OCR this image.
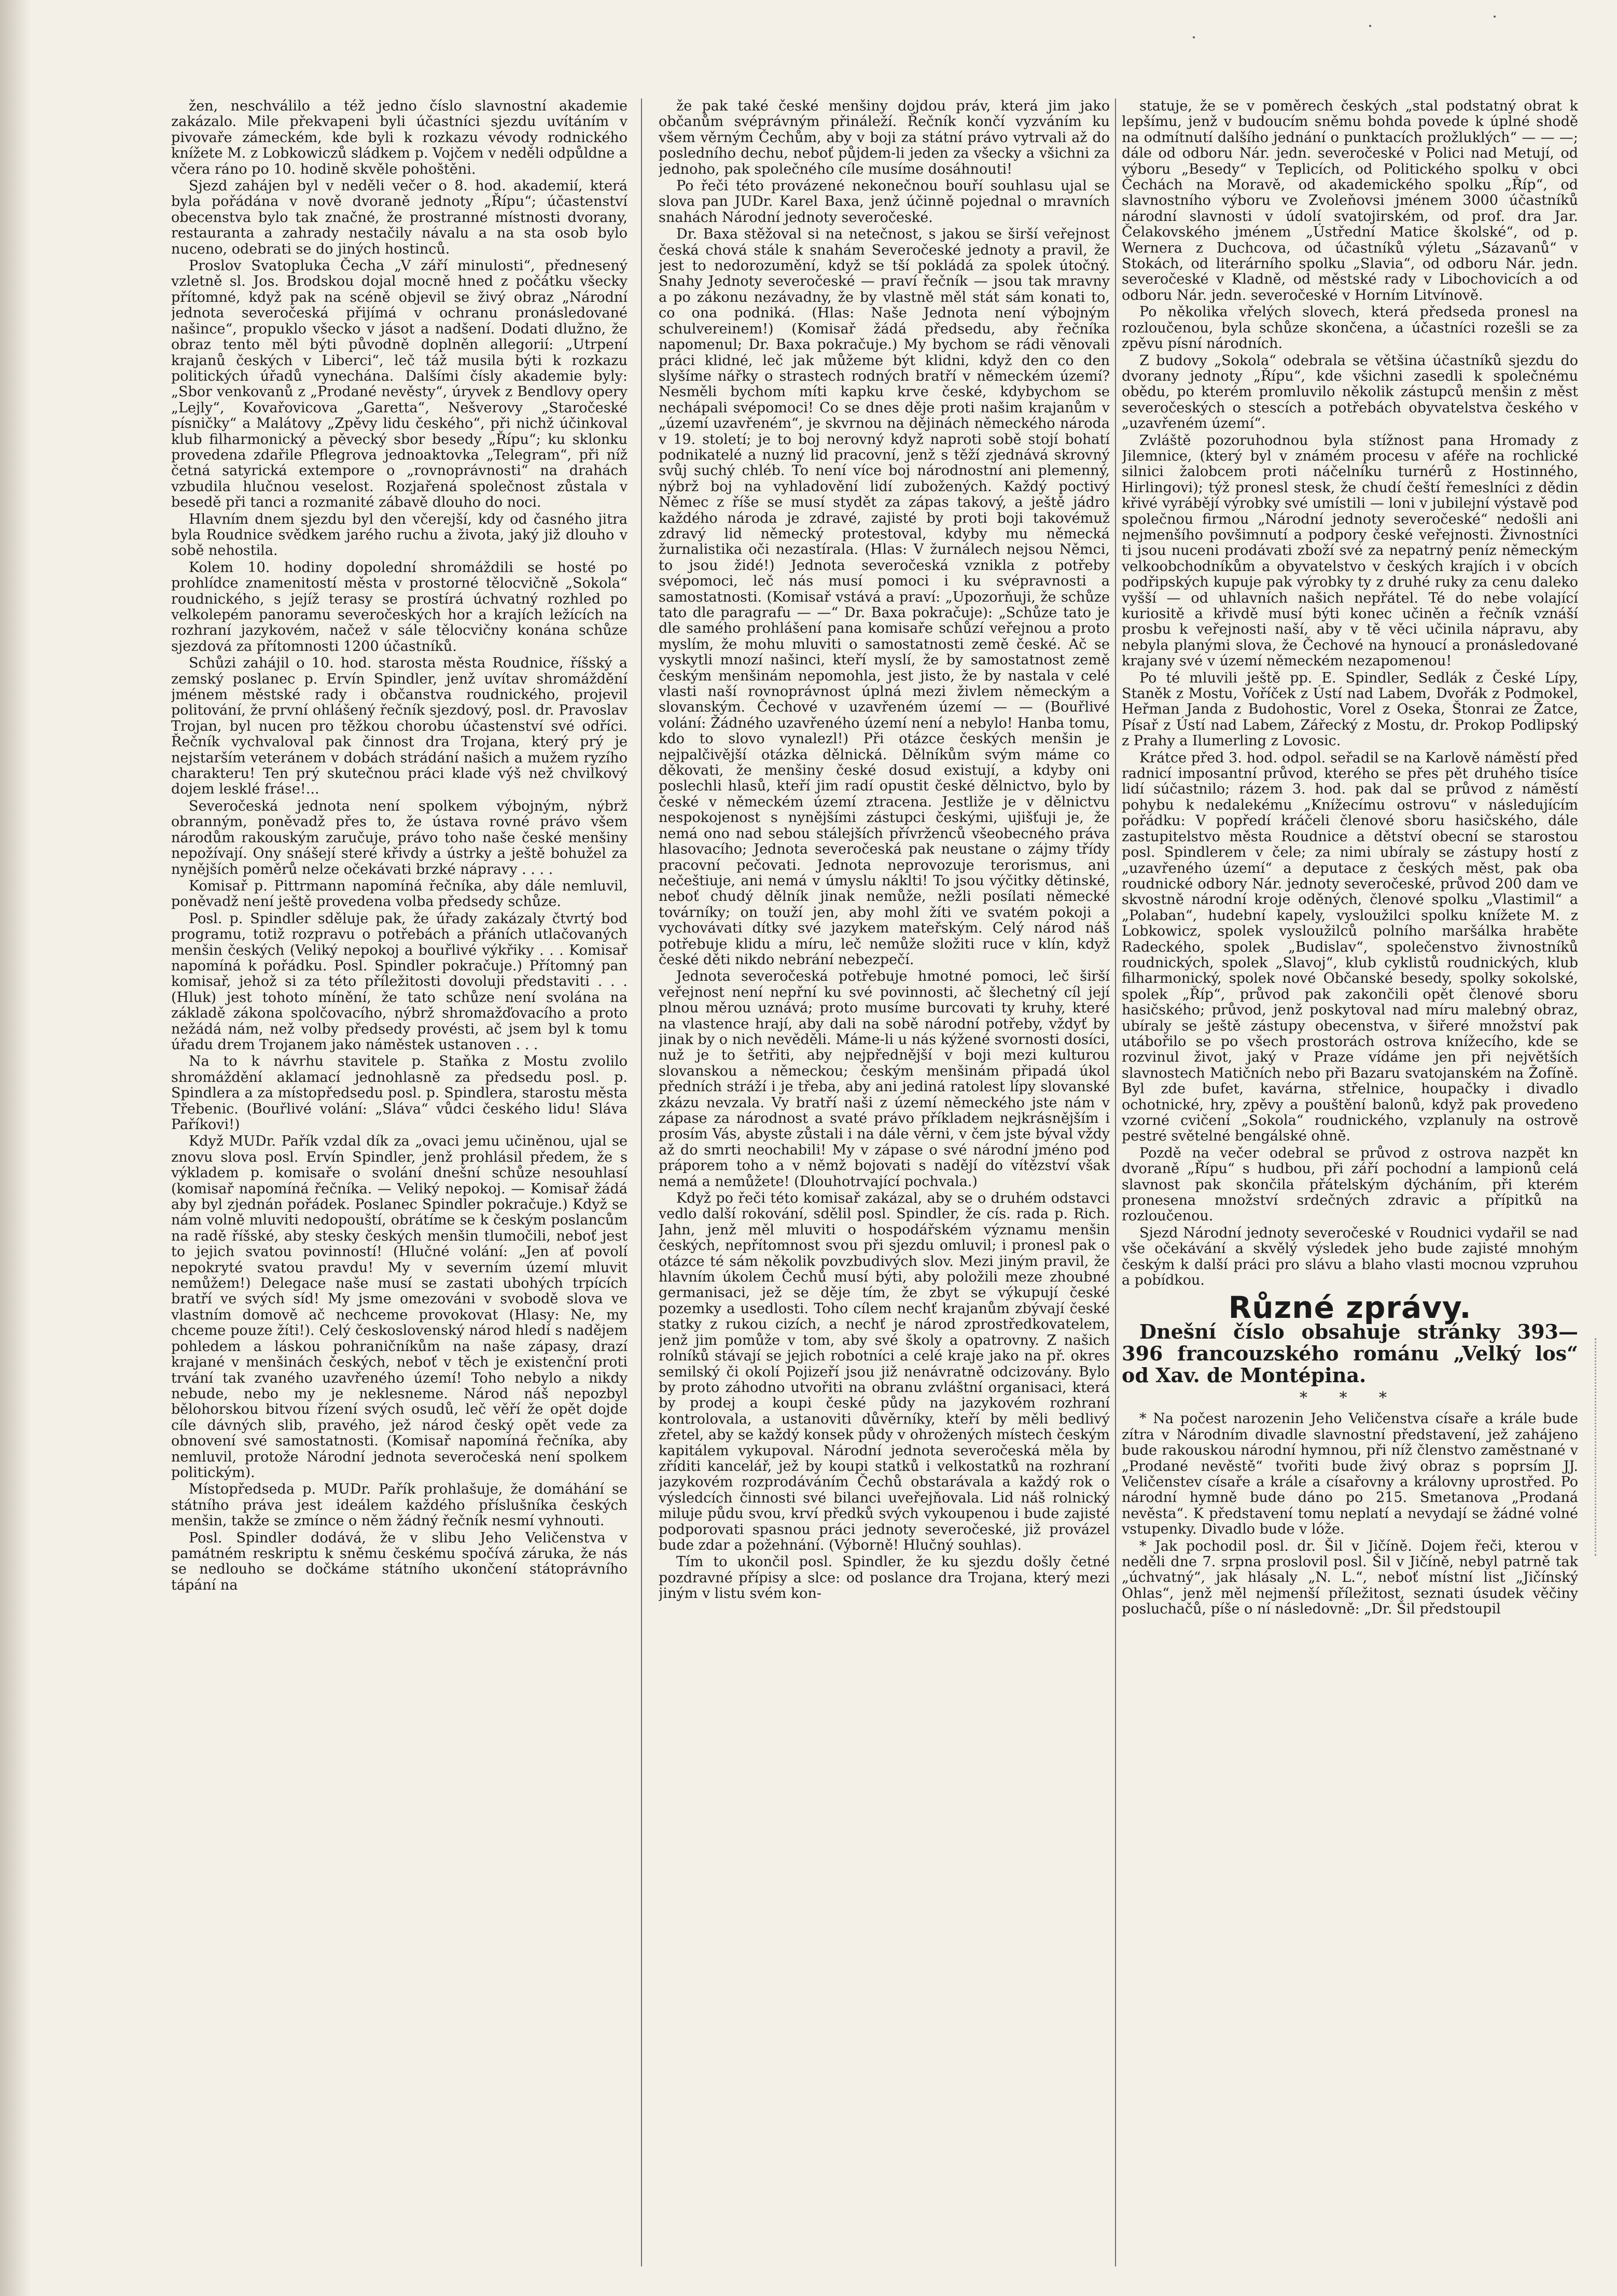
žen, neschválilo a též jedno číslo slavnostní akademie zakázalo. Mile překvapeni byli účastníci sjezdu uvítáním v pivovaře zámeckém, kde byli k rozkazu vévody rodnického knížete M. z Lobkowiczů sládkem p. Vojčem v neděli odpůldne a včera ráno po 10. hodině skvěle pohoštěni.

Sjezd zahájen byl v neděli večer o 8. hod. akademií, která byla pořádána v nově dvoraně jednoty „Řípu“; účastenství obecenstva bylo tak značné, že prostranné místnosti dvorany, restauranta a zahrady nestačily návalu a na sta osob bylo nuceno, odebrati se do jiných hostinců.

Proslov Svatopluka Čecha „V září minulosti“, přednesený vzletně sl. Jos. Brodskou dojal mocně hned z počátku všecky přítomné, když pak na scéně objevil se živý obraz „Národní jednota severočeská přijímá v ochranu pronásledované našince“, propuklo všecko v jásot a nadšení. Dodati dlužno, že obraz tento měl býti původně doplněn allegorií: „Utrpení krajanů českých v Liberci“, leč táž musila býti k rozkazu politických úřadů vynechána. Dalšími čísly akademie byly: „Sbor venkovanů z „Prodané nevěsty“, úryvek z Bendlovy opery „Lejly“, Kovařovicova „Garetta“, Nešverovy „Staročeské písničky“ a Malátovy „Zpěvy lidu českého“, při nichž účinkoval klub filharmonický a pěvecký sbor besedy „Řípu“; ku sklonku provedena zdařile Pflegrova jednoaktovka „Telegram“, při níž četná satyrická extempore o „rovnoprávnosti“ na drahách vzbudila hlučnou veselost. Rozjařená společnost zůstala v besedě při tanci a rozmanité zábavě dlouho do noci.

Hlavním dnem sjezdu byl den včerejší, kdy od časného jitra byla Roudnice svědkem jarého ruchu a života, jaký již dlouho v sobě nehostila.

Kolem 10. hodiny dopolední shromáždili se hosté po prohlídce znamenitostí města v prostorné tělocvičně „Sokola“ roudnického, s jejíž terasy se prostírá úchvatný rozhled po velkolepém panoramu severočeských hor a krajích ležících na rozhraní jazykovém, načež v sále tělocvičny konána schůze sjezdová za přítomnosti 1200 účastníků.

Schůzi zahájil o 10. hod. starosta města Roudnice, říšský a zemský poslanec p. Ervín Spindler, jenž uvítav shromáždění jménem městské rady i občanstva roudnického, projevil politování, že první ohlášený řečník sjezdový, posl. dr. Pravoslav Trojan, byl nucen pro těžkou chorobu účastenství své odříci. Řečník vychvaloval pak činnost dra Trojana, který prý je nejstarším veteránem v dobách strádání našich a mužem ryzího charakteru! Ten prý skutečnou práci klade výš než chvilkový dojem lesklé fráse!...

Severočeská jednota není spolkem výbojným, nýbrž obranným, poněvadž přes to, že ústava rovné právo všem národům rakouským zaručuje, právo toho naše české menšiny nepožívají. Ony snášejí steré křivdy a ústrky a ještě bohužel za nynějších poměrů nelze očekávati brzké nápravy . . . .

Komisař p. Pittrmann napomíná řečníka, aby dále nemluvil, poněvadž není ještě provedena volba předsedy schůze.

Posl. p. Spindler sděluje pak, že úřady zakázaly čtvrtý bod programu, totiž rozpravu o potřebách a přáních utlačovaných menšin českých (Veliký nepokoj a bouřlivé výkřiky . . . Komisař napomíná k pořádku. Posl. Spindler pokračuje.) Přítomný pan komisař, jehož si za této příležitosti dovoluji představiti . . . (Hluk) jest tohoto mínění, že tato schůze není svolána na základě zákona spolčovacího, nýbrž shromažďovacího a proto nežádá nám, než volby předsedy provésti, ač jsem byl k tomu úřadu drem Trojanem jako náměstek ustanoven . . .

Na to k návrhu stavitele p. Staňka z Mostu zvolilo shromáždění aklamací jednohlasně za předsedu posl. p. Spindlera a za místopředsedu posl. p. Spindlera, starostu města Třebenic. (Bouřlivé volání: „Sláva“ vůdci českého lidu! Sláva Paříkovi!)

Když MUDr. Pařík vzdal dík za „ovaci jemu učiněnou, ujal se znovu slova posl. Ervín Spindler, jenž prohlásil předem, že s výkladem p. komisaře o svolání dnešní schůze nesouhlasí (komisař napomíná řečníka. — Veliký nepokoj. — Komisař žádá aby byl zjednán pořádek. Poslanec Spindler pokračuje.) Když se nám volně mluviti nedopouští, obrátíme se k českým poslancům na radě říšské, aby stesky českých menšin tlumočili, neboť jest to jejich svatou povinností! (Hlučné volání: „Jen ať povolí nepokryté svatou pravdu! My v severním území mluvit nemůžem!) Delegace naše musí se zastati ubohých trpících bratří ve svých síd! My jsme omezováni v svobodě slova ve vlastním domově ač nechceme provokovat (Hlasy: Ne, my chceme pouze žíti!). Celý československý národ hledí s nadějem pohledem a láskou pohraničníkům na naše zápasy, drazí krajané v menšinách českých, neboť v těch je existenční proti trvání tak zvaného uzavřeného území! Toho nebylo a nikdy nebude, nebo my je neklesneme. Národ náš nepozbyl bělohorskou bitvou řízení svých osudů, leč věří že opět dojde cíle dávných slib, pravého, jež národ český opět vede za obnovení své samostatnosti. (Komisař napomíná řečníka, aby nemluvil, protože Národní jednota severočeská není spolkem politickým).

Místopředseda p. MUDr. Pařík prohlašuje, že domáhání se státního práva jest ideálem každého příslušníka českých menšin, takže se zmínce o něm žádný řečník nesmí vyhnouti.

Posl. Spindler dodává, že v slibu Jeho Veličenstva v památném reskriptu k sněmu českému spočívá záruka, že nás se nedlouho se dočkáme státního ukončení státoprávního tápání na

že pak také české menšiny dojdou práv, která jim jako občanům svéprávným přináleží. Řečník končí vyzváním ku všem věrným Čechům, aby v boji za státní právo vytrvali až do posledního dechu, neboť půjdem-li jeden za všecky a všichni za jednoho, pak společného cíle musíme dosáhnouti!

Po řeči této provázené nekonečnou bouří souhlasu ujal se slova pan JUDr. Karel Baxa, jenž účinně pojednal o mravních snahách Národní jednoty severočeské.

Dr. Baxa stěžoval si na netečnost, s jakou se širší veřejnost česká chová stále k snahám Severočeské jednoty a pravil, že jest to nedorozumění, když se tší pokládá za spolek útočný. Snahy Jednoty severočeské — praví řečník — jsou tak mravny a po zákonu nezávadny, že by vlastně měl stát sám konati to, co ona podniká. (Hlas: Naše Jednota není výbojným schulvereinem!) (Komisař žádá předsedu, aby řečníka napomenul; Dr. Baxa pokračuje.) My bychom se rádi věnovali práci klidné, leč jak můžeme být klidni, když den co den slyšíme nářky o strastech rodných bratří v německém území? Nesměli bychom míti kapku krve české, kdybychom se nechápali svépomoci! Co se dnes děje proti našim krajanům v „území uzavřeném“, je skvrnou na dějinách německého národa v 19. století; je to boj nerovný když naproti sobě stojí bohatí podnikatelé a nuzný lid pracovní, jenž s těží zjednává skrovný svůj suchý chléb. To není více boj národnostní ani plemenný, nýbrž boj na vyhladovění lidí zubožených. Každý poctivý Němec z říše se musí stydět za zápas takový, a ještě jádro každého národa je zdravé, zajisté by proti boji takovémuž zdravý lid německý protestoval, kdyby mu německá žurnalistika oči nezastírala. (Hlas: V žurnálech nejsou Němci, to jsou židé!) Jednota severočeská vznikla z potřeby svépomoci, leč nás musí pomoci i ku svépravnosti a samostatnosti. (Komisař vstává a praví: „Upozorňuji, že schůze tato dle paragrafu — —“ Dr. Baxa pokračuje): „Schůze tato je dle samého prohlášení pana komisaře schůzí veřejnou a proto myslím, že mohu mluviti o samostatnosti země české. Ač se vyskytli mnozí našinci, kteří myslí, že by samostatnost země českým menšinám nepomohla, jest jisto, že by nastala v celé vlasti naší rovnoprávnost úplná mezi živlem německým a slovanským. Čechové v uzavřeném území — — (Bouřlivé volání: Žádného uzavřeného území není a nebylo! Hanba tomu, kdo to slovo vynalezl!) Při otázce českých menšin je nejpalčivější otázka dělnická. Dělníkům svým máme co děkovati, že menšiny české dosud existují, a kdyby oni poslechli hlasů, kteří jim radí opustit české dělnictvo, bylo by české v německém území ztracena. Jestliže je v dělnictvu nespokojenost s nynějšími zástupci českými, ujišťuji je, že nemá ono nad sebou stálejších přívrženců všeobecného práva hlasovacího; Jednota severočeská pak neustane o zájmy třídy pracovní pečovati. Jednota neprovozuje terorismus, ani nečeštiuje, ani nemá v úmyslu náklti! To jsou výčitky dětinské, neboť chudý dělník jinak nemůže, nežli posílati německé továrníky; on touží jen, aby mohl žíti ve svatém pokoji a vychovávati dítky své jazykem mateřským. Celý národ náš potřebuje klidu a míru, leč nemůže složiti ruce v klín, když české děti nikdo nebrání nebezpečí.

Jednota severočeská potřebuje hmotné pomoci, leč širší veřejnost není nepřní ku své povinnosti, ač šlechetný cíl její plnou měrou uznává; proto musíme burcovati ty kruhy, které na vlastence hrají, aby dali na sobě národní potřeby, vždyť by jinak by o nich nevěděli. Máme-li u nás kýžené svornosti dosíci, nuž je to šetřiti, aby nejpřednější v boji mezi kulturou slovanskou a německou; českým menšinám připadá úkol předních stráží i je třeba, aby ani jediná ratolest lípy slovanské zkázu nevzala. Vy bratří naši z území německého jste nám v zápase za národnost a svaté právo příkladem nejkrásnějším i prosím Vás, abyste zůstali i na dále věrni, v čem jste býval vždy až do smrti neochabili! My v zápase o své národní jméno pod práporem toho a v němž bojovati s nadějí do vítězství však nemá a nemůžete! (Dlouhotrvající pochvala.)

Když po řeči této komisař zakázal, aby se o druhém odstavci vedlo další rokování, sdělil posl. Spindler, že cís. rada p. Rich. Jahn, jenž měl mluviti o hospodářském významu menšin českých, nepřítomnost svou při sjezdu omluvil; i pronesl pak o otázce té sám několik povzbudivých slov. Mezi jiným pravil, že hlavním úkolem Čechů musí býti, aby položili meze zhoubné germanisaci, jež se děje tím, že zbyt se výkupují české pozemky a usedlosti. Toho cílem nechť krajanům zbývají české statky z rukou cizích, a nechť je národ zprostředkovatelem, jenž jim pomůže v tom, aby své školy a opatrovny. Z našich rolníků stávají se jejich robotníci a celé kraje jako na př. okres semilský či okolí Pojizeří jsou již nenávratně odcizovány. Bylo by proto záhodno utvořiti na obranu zvláštní organisaci, která by prodej a koupi české půdy na jazykovém rozhraní kontrolovala, a ustanoviti důvěrníky, kteří by měli bedlivý zřetel, aby se každý konsek půdy v ohrožených místech českým kapitálem vykupoval. Národní jednota severočeská měla by zříditi kancelář, jež by koupi statků i velkostatků na rozhraní jazykovém rozprodáváním Čechů obstarávala a každý rok o výsledcích činnosti své bilanci uveřejňovala. Lid náš rolnický miluje půdu svou, krví předků svých vykoupenou i bude zajisté podporovati spasnou práci jednoty severočeské, již provázel bude zdar a požehnání. (Výborně! Hlučný souhlas).

Tím to ukončil posl. Spindler, že ku sjezdu došly četné pozdravné přípisy a slce: od poslance dra Trojana, který mezi jiným v listu svém kon-

statuje, že se v poměrech českých „stal podstatný obrat k lepšímu, jenž v budoucím sněmu bohda povede k úplné shodě na odmítnutí dalšího jednání o punktacích prožluklých“ — — —; dále od odboru Nár. jedn. severočeské v Polici nad Metují, od výboru „Besedy“ v Teplicích, od Politického spolku v obci Čechách na Moravě, od akademického spolku „Říp“, od slavnostního výboru ve Zvoleňovsi jménem 3000 účastníků národní slavnosti v údolí svatojirském, od prof. dra Jar. Čelakovského jménem „Ústřední Matice školské“, od p. Wernera z Duchcova, od účastníků výletu „Sázavanů“ v Stokách, od literárního spolku „Slavia“, od odboru Nár. jedn. severočeské v Kladně, od městské rady v Libochovicích a od odboru Nár. jedn. severočeské v Horním Litvínově.

Po několika vřelých slovech, která předseda pronesl na rozloučenou, byla schůze skončena, a účastníci rozešli se za zpěvu písní národních.

Z budovy „Sokola“ odebrala se většina účastníků sjezdu do dvorany jednoty „Řípu“, kde všichni zasedli k společnému obědu, po kterém promluvilo několik zástupců menšin z měst severočeských o stescích a potřebách obyvatelstva českého v „uzavřeném území“.

Zvláště pozoruhodnou byla stížnost pana Hromady z Jilemnice, (který byl v známém procesu v aféře na rochlické silnici žalobcem proti náčelníku turnérů z Hostinného, Hirlingovi); týž pronesl stesk, že chudí čeští řemeslníci z dědin křivé vyrábějí výrobky své umístili — loni v jubilejní výstavě pod společnou firmou „Národní jednoty severočeské“ nedošli ani nejmenšího povšimnutí a podpory české veřejnosti. Živnostníci ti jsou nuceni prodávati zboží své za nepatrný peníz německým velkoobchodníkům a obyvatelstvo v českých krajích i v obcích podřipských kupuje pak výrobky ty z druhé ruky za cenu daleko vyšší — od uhlavních našich nepřátel. Té do nebe volající kuriositě a křivdě musí býti konec učiněn a řečník vznáší prosbu k veřejnosti naší, aby v tě věci učinila nápravu, aby nebyla planými slova, že Čechové na hynoucí a pronásledované krajany své v území německém nezapomenou!

Po té mluvili ještě pp. E. Spindler, Sedlák z České Lípy, Staněk z Mostu, Voříček z Ústí nad Labem, Dvořák z Podmokel, Heřman Janda z Budohostic, Vorel z Oseka, Štonrai ze Žatce, Písař z Ústí nad Labem, Zářecký z Mostu, dr. Prokop Podlipský z Prahy a Ilumerling z Lovosic.

Krátce před 3. hod. odpol. seřadil se na Karlově náměstí před radnicí imposantní průvod, kterého se přes pět druhého tisíce lidí súčastnilo; rázem 3. hod. pak dal se průvod z náměstí pohybu k nedalekému „Knížecímu ostrovu“ v následujícím pořádku: V popředí kráčeli členové sboru hasičského, dále zastupitelstvo města Roudnice a dětství obecní se starostou posl. Spindlerem v čele; za nimi ubíraly se zástupy hostí z „uzavřeného území“ a deputace z českých měst, pak oba roudnické odbory Nár. jednoty severočeské, průvod 200 dam ve skvostně národní kroje oděných, členové spolku „Vlastimil“ a „Polaban“, hudební kapely, vysloužilci spolku knížete M. z Lobkowicz, spolek vysloužilců polního maršálka hraběte Radeckého, spolek „Budislav“, společenstvo živnostníků roudnických, spolek „Slavoj“, klub cyklistů roudnických, klub filharmonický, spolek nové Občanské besedy, spolky sokolské, spolek „Říp“, průvod pak zakončili opět členové sboru hasičského; průvod, jenž poskytoval nad míru malebný obraz, ubíraly se ještě zástupy obecenstva, v šiřeré množství pak utábořilo se po všech prostorách ostrova knížecího, kde se rozvinul život, jaký v Praze vídáme jen při největších slavnostech Matičních nebo při Bazaru svatojanském na Žofíně. Byl zde bufet, kavárna, střelnice, houpačky i divadlo ochotnické, hry, zpěvy a pouštění balonů, když pak provedeno vzorné cvičení „Sokola“ roudnického, vzplanuly na ostrově pestré světelné bengálské ohně.

Pozdě na večer odebral se průvod z ostrova nazpět kn dvoraně „Řípu“ s hudbou, při září pochodní a lampionů celá slavnost pak skončila přátelským dýcháním, při kterém pronesena množství srdečných zdravic a přípitků na rozloučenou.

Sjezd Národní jednoty severočeské v Roudnici vydařil se nad vše očekávání a skvělý výsledek jeho bude zajisté mnohým českým k další práci pro slávu a blaho vlasti mocnou vzpruhou a pobídkou.

Různé zprávy.

Dnešní číslo obsahuje stránky 393—396 francouzského románu „Velký los“ od Xav. de Montépina.

* * *

* Na počest narozenin Jeho Veličenstva císaře a krále bude zítra v Národním divadle slavnostní představení, jež zahájeno bude rakouskou národní hymnou, při níž členstvo zaměstnané v „Prodané nevěstě“ tvořiti bude živý obraz s poprsím JJ. Veličenstev císaře a krále a císařovny a královny uprostřed. Po národní hymně bude dáno po 215. Smetanova „Prodaná nevěsta“. K představení tomu neplatí a nevydají se žádné volné vstupenky. Divadlo bude v lóže.

* Jak pochodil posl. dr. Šil v Jičíně. Dojem řeči, kterou v neděli dne 7. srpna proslovil posl. Šil v Jičíně, nebyl patrně tak „úchvatný“, jak hlásaly „N. L.“, neboť místní list „Jičínský Ohlas“, jenž měl nejmenší příležitost, seznati úsudek věčiny posluchačů, píše o ní následovně: „Dr. Šil předstoupil
